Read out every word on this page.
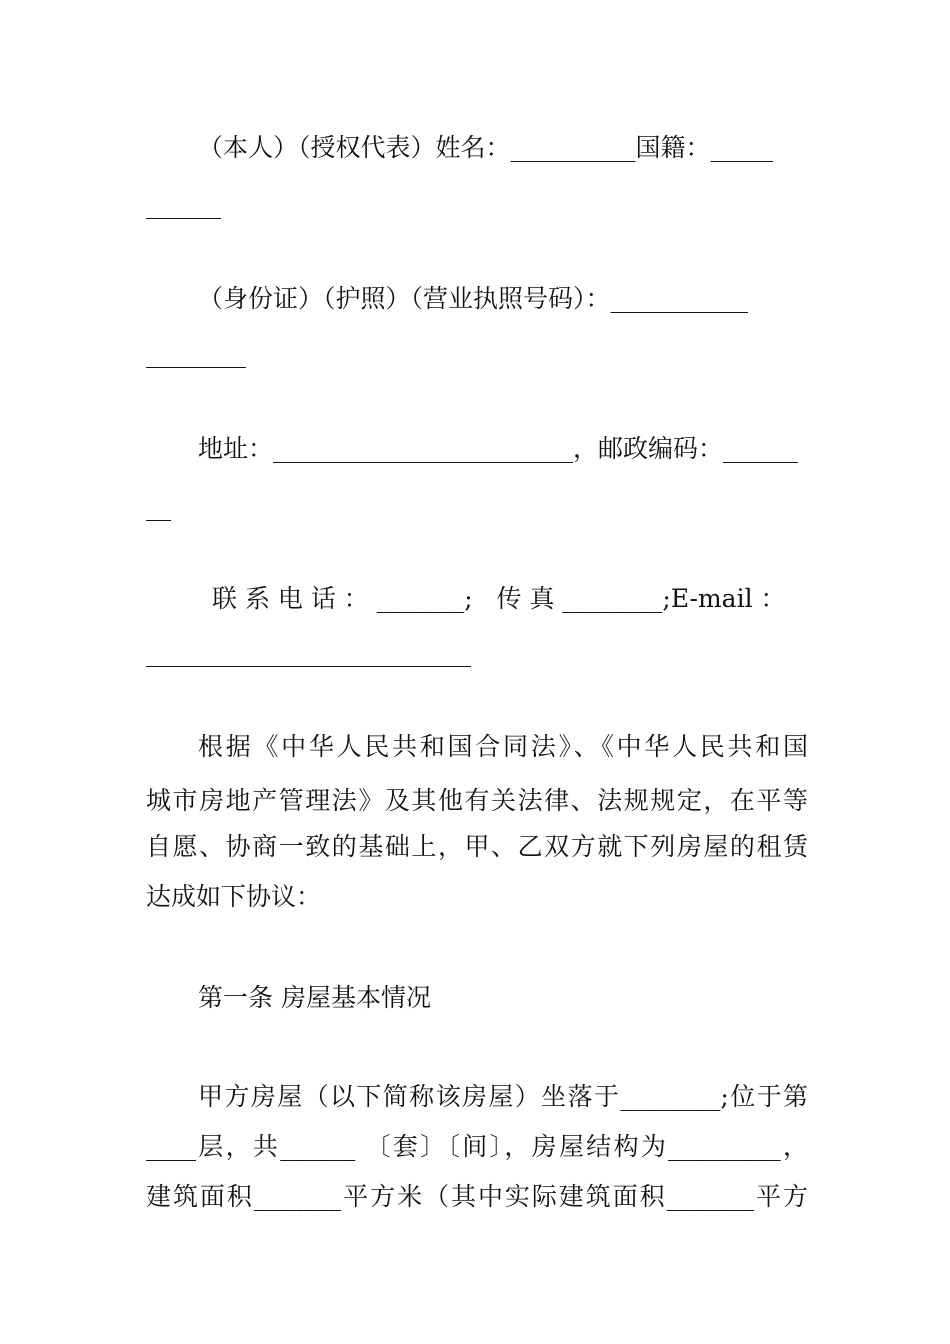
（本人）（授权代表）姓名：__________国籍：_____
______
（身份证）（护照）（营业执照号码）：___________
________
地址：________________________，邮政编码：______
__
联 系 电 话 ： _______;   传 真 ________;E-mail ：
__________________________
根据《中华人民共和国合同法》、《中华人民共和国
城市房地产管理法》及其他有关法律、法规规定，在平等
自愿、协商一致的基础上，甲、乙双方就下列房屋的租赁
达成如下协议：
第一条 房屋基本情况
甲方房屋（以下简称该房屋）坐落于________;位于第
____层，共______ 〔套〕〔间〕，房屋结构为_________，
建筑面积_______平方米（其中实际建筑面积_______平方
